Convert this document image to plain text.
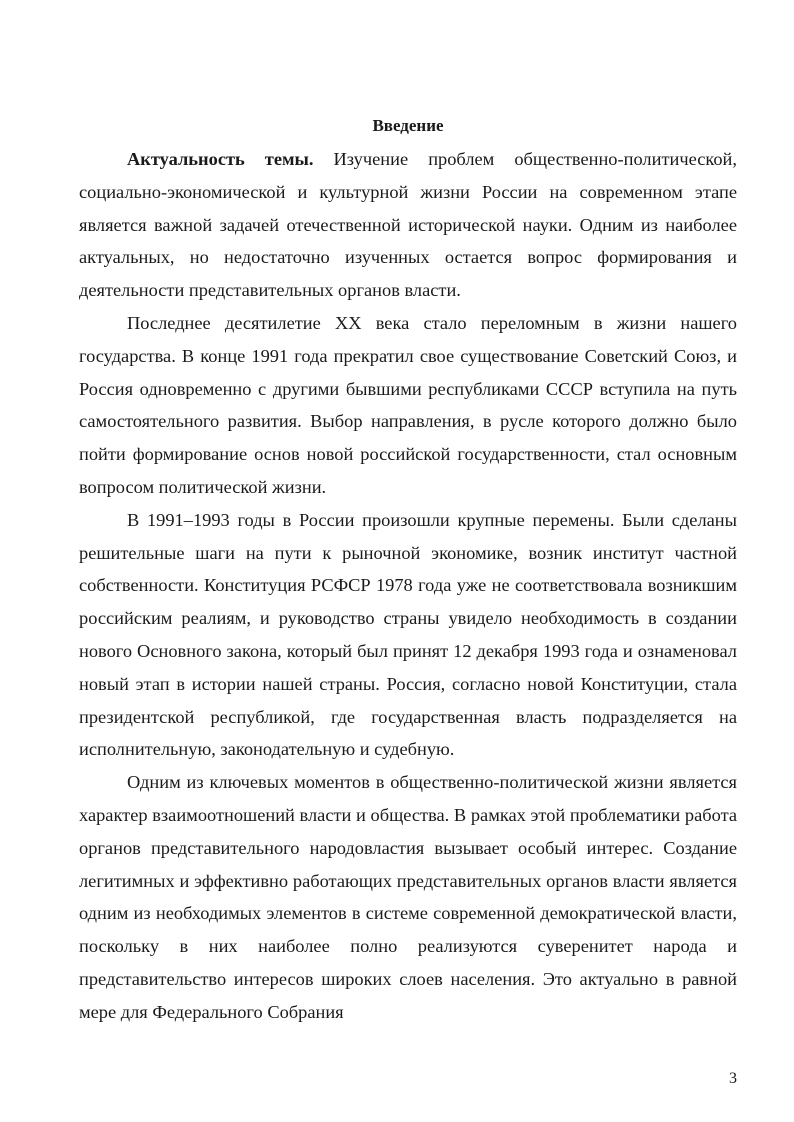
Введение

Актуальность темы. Изучение проблем общественно-политической, социально-экономической и культурной жизни России на современном этапе является важной задачей отечественной исторической науки. Одним из наиболее актуальных, но недостаточно изученных остается вопрос формирования и деятельности представительных органов власти.

Последнее десятилетие XX века стало переломным в жизни нашего государства. В конце 1991 года прекратил свое существование Советский Союз, и Россия одновременно с другими бывшими республиками СССР вступила на путь самостоятельного развития. Выбор направления, в русле которого должно было пойти формирование основ новой российской государственности, стал основным вопросом политической жизни.

В 1991–1993 годы в России произошли крупные перемены. Были сделаны решительные шаги на пути к рыночной экономике, возник институт частной собственности. Конституция РСФСР 1978 года уже не соответствовала возникшим российским реалиям, и руководство страны увидело необходимость в создании нового Основного закона, который был принят 12 декабря 1993 года и ознаменовал новый этап в истории нашей страны. Россия, согласно новой Конституции, стала президентской республикой, где государственная власть подразделяется на исполнительную, законодательную и судебную.

Одним из ключевых моментов в общественно-политической жизни является характер взаимоотношений власти и общества. В рамках этой проблематики работа органов представительного народовластия вызывает особый интерес. Создание легитимных и эффективно работающих представительных органов власти является одним из необходимых элементов в системе современной демократической власти, поскольку в них наиболее полно реализуются суверенитет народа и представительство интересов широких слоев населения. Это актуально в равной мере для Федерального Собрания

3
